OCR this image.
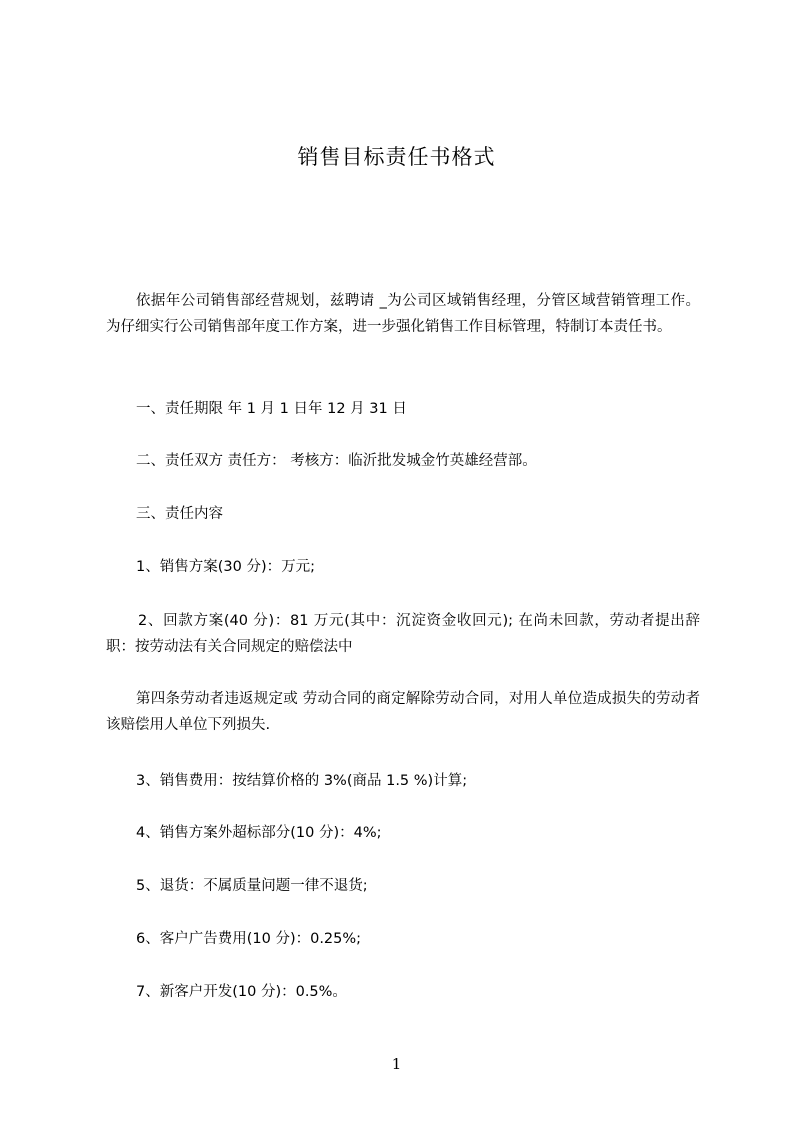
销售目标责任书格式
依据年公司销售部经营规划，兹聘请 _为公司区域销售经理，分管区域营销管理工作。 为仔细实行公司销售部年度工作方案，进一步强化销售工作目标管理，特制订本责任书。
一、责任期限 年 1 月 1 日年 12 月 31 日
二、责任双方 责任方： 考核方：临沂批发城金竹英雄经营部。
三、责任内容
1、销售方案(30 分)：万元;
2、回款方案(40 分)：81 万元(其中：沉淀资金收回元); 在尚未回款，劳动者提出辞职：按劳动法有关合同规定的赔偿法中
第四条劳动者违返规定或 劳动合同的商定解除劳动合同，对用人单位造成损失的劳动者该赔偿用人单位下列损失.
3、销售费用：按结算价格的 3%(商品 1.5 %)计算;
4、销售方案外超标部分(10 分)：4%;
5、退货：不属质量问题一律不退货;
6、客户广告费用(10 分)：0.25%;
7、新客户开发(10 分)：0.5%。
1
